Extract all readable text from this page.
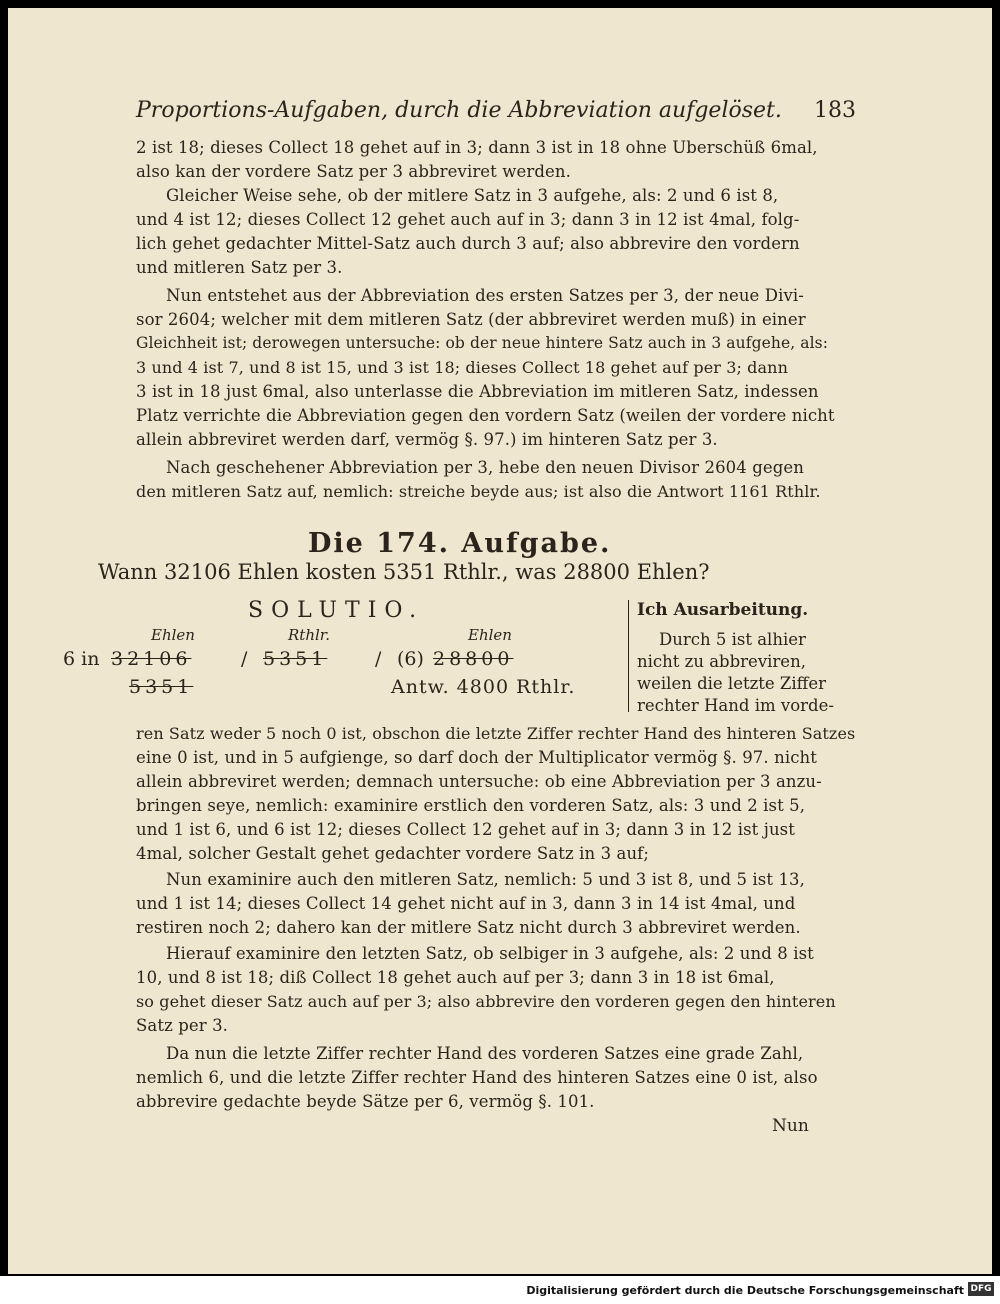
Proportions-Aufgaben, durch die Abbreviation aufgelöset. 183
2 ist 18; dieses Collect 18 gehet auf in 3; dann 3 ist in 18 ohne Uberschüß 6mal,
also kan der vordere Satz per 3 abbreviret werden.
Gleicher Weise sehe, ob der mitlere Satz in 3 aufgehe, als: 2 und 6 ist 8,
und 4 ist 12; dieses Collect 12 gehet auch auf in 3; dann 3 in 12 ist 4mal, folg-
lich gehet gedachter Mittel-Satz auch durch 3 auf; also abbrevire den vordern
und mitleren Satz per 3.
Nun entstehet aus der Abbreviation des ersten Satzes per 3, der neue Divi-
sor 2604; welcher mit dem mitleren Satz (der abbreviret werden muß) in einer
Gleichheit ist; derowegen untersuche: ob der neue hintere Satz auch in 3 aufgehe, als:
3 und 4 ist 7, und 8 ist 15, und 3 ist 18; dieses Collect 18 gehet auf per 3; dann
3 ist in 18 just 6mal, also unterlasse die Abbreviation im mitleren Satz, indessen
Platz verrichte die Abbreviation gegen den vordern Satz (weilen der vordere nicht
allein abbreviret werden darf, vermög §. 97.) im hinteren Satz per 3.
Nach geschehener Abbreviation per 3, hebe den neuen Divisor 2604 gegen
den mitleren Satz auf, nemlich: streiche beyde aus; ist also die Antwort 1161 Rthlr.
Die 174. Aufgabe.
Wann 32106 Ehlen kosten 5351 Rthlr., was 28800 Ehlen?
SOLUTIO.
Ehlen	Rthlr.	Ehlen
6 in 32106	/ 5351	/ (6) 28800
5351	Antw. 4800 Rthlr.
Ich Ausarbeitung.
Durch 5 ist alhier
nicht zu abbreviren,
weilen die letzte Ziffer
rechter Hand im vorde-
ren Satz weder 5 noch 0 ist, obschon die letzte Ziffer rechter Hand des hinteren Satzes
eine 0 ist, und in 5 aufgienge, so darf doch der Multiplicator vermög §. 97. nicht
allein abbreviret werden; demnach untersuche: ob eine Abbreviation per 3 anzu-
bringen seye, nemlich: examinire erstlich den vorderen Satz, als: 3 und 2 ist 5,
und 1 ist 6, und 6 ist 12; dieses Collect 12 gehet auf in 3; dann 3 in 12 ist just
4mal, solcher Gestalt gehet gedachter vordere Satz in 3 auf;
Nun examinire auch den mitleren Satz, nemlich: 5 und 3 ist 8, und 5 ist 13,
und 1 ist 14; dieses Collect 14 gehet nicht auf in 3, dann 3 in 14 ist 4mal, und
restiren noch 2; dahero kan der mitlere Satz nicht durch 3 abbreviret werden.
Hierauf examinire den letzten Satz, ob selbiger in 3 aufgehe, als: 2 und 8 ist
10, und 8 ist 18; diß Collect 18 gehet auch auf per 3; dann 3 in 18 ist 6mal,
so gehet dieser Satz auch auf per 3; also abbrevire den vorderen gegen den hinteren
Satz per 3.
Da nun die letzte Ziffer rechter Hand des vorderen Satzes eine grade Zahl,
nemlich 6, und die letzte Ziffer rechter Hand des hinteren Satzes eine 0 ist, also
abbrevire gedachte beyde Sätze per 6, vermög §. 101.
Nun
Digitalisierung gefördert durch die Deutsche Forschungsgemeinschaft DFG
